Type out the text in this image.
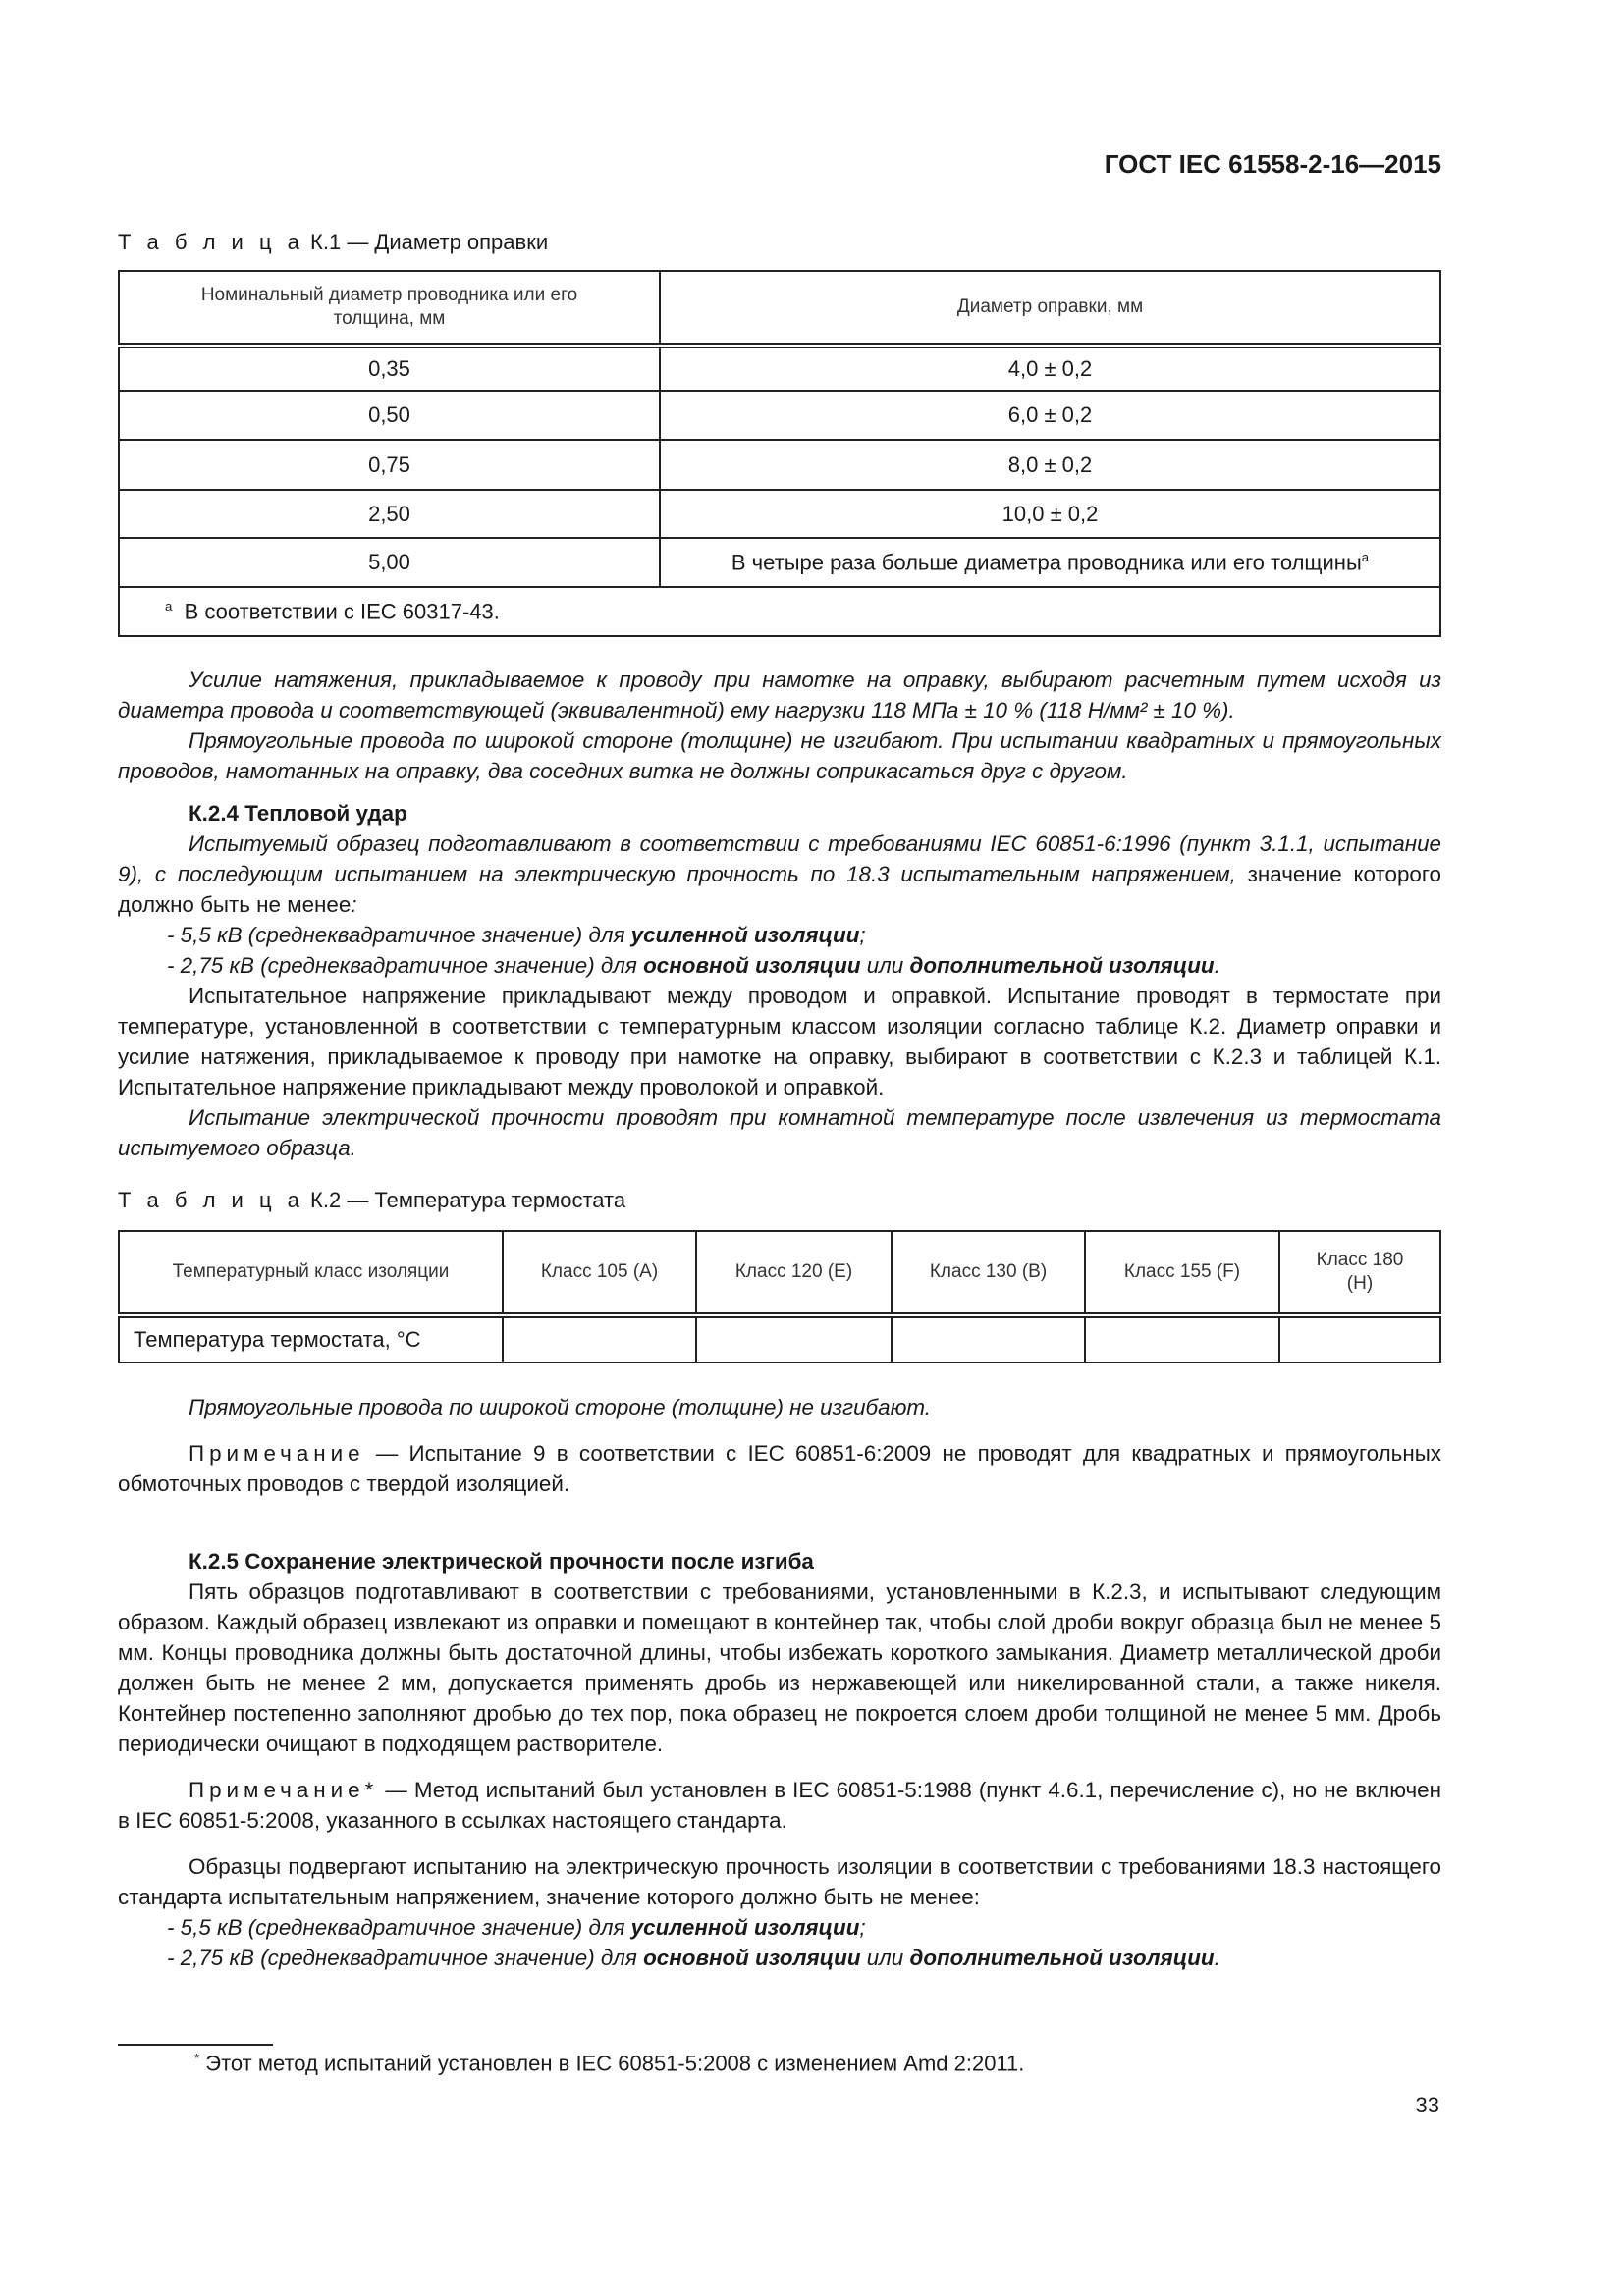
ГОСТ IEC 61558-2-16—2015
Т а б л и ц а К.1 — Диаметр оправки
Номинальный диаметр проводника или его толщина, мм	Диаметр оправки, мм
0,35	4,0 ± 0,2
0,50	6,0 ± 0,2
0,75	8,0 ± 0,2
2,50	10,0 ± 0,2
5,00	В четыре раза больше диаметра проводника или его толщины$^a$
$^a$ В соответствии с IEC 60317-43.	

Усилие натяжения, прикладываемое к проводу при намотке на оправку, выбирают расчетным путем исходя из диаметра провода и соответствующей (эквивалентной) ему нагрузки 118 МПа ± 10 % (118 Н/мм² ± 10 %).

Прямоугольные провода по широкой стороне (толщине) не изгибают. При испытании квадратных и прямоугольных проводов, намотанных на оправку, два соседних витка не должны соприкасаться друг с другом.

К.2.4 Тепловой удар

Испытуемый образец подготавливают в соответствии с требованиями IEC 60851-6:1996 (пункт 3.1.1, испытание 9), с последующим испытанием на электрическую прочность по 18.3 испытательным напряжением, значение которого должно быть не менее:

- 5,5 кВ (среднеквадратичное значение) для усиленной изоляции;

- 2,75 кВ (среднеквадратичное значение) для основной изоляции или дополнительной изоляции.

Испытательное напряжение прикладывают между проводом и оправкой. Испытание проводят в термостате при температуре, установленной в соответствии с температурным классом изоляции согласно таблице К.2. Диаметр оправки и усилие натяжения, прикладываемое к проводу при намотке на оправку, выбирают в соответствии с К.2.3 и таблицей К.1. Испытательное напряжение прикладывают между проволокой и оправкой.

Испытание электрической прочности проводят при комнатной температуре после извлечения из термостата испытуемого образца.

Т а б л и ц а К.2 — Температура термостата
Температурный класс изоляции	Класс 105 (A)	Класс 120 (E)	Класс 130 (B)	Класс 155 (F)	Класс 180 (H)
Температура термостата, °C					

Прямоугольные провода по широкой стороне (толщине) не изгибают.

Примечание — Испытание 9 в соответствии с IEC 60851-6:2009 не проводят для квадратных и прямоугольных обмоточных проводов с твердой изоляцией.

К.2.5 Сохранение электрической прочности после изгиба

Пять образцов подготавливают в соответствии с требованиями, установленными в К.2.3, и испытывают следующим образом. Каждый образец извлекают из оправки и помещают в контейнер так, чтобы слой дроби вокруг образца был не менее 5 мм. Концы проводника должны быть достаточной длины, чтобы избежать короткого замыкания. Диаметр металлической дроби должен быть не менее 2 мм, допускается применять дробь из нержавеющей или никелированной стали, а также никеля. Контейнер постепенно заполняют дробью до тех пор, пока образец не покроется слоем дроби толщиной не менее 5 мм. Дробь периодически очищают в подходящем растворителе.

Примечание* — Метод испытаний был установлен в IEC 60851-5:1988 (пункт 4.6.1, перечисление с), но не включен в IEC 60851-5:2008, указанного в ссылках настоящего стандарта.

Образцы подвергают испытанию на электрическую прочность изоляции в соответствии с требованиями 18.3 настоящего стандарта испытательным напряжением, значение которого должно быть не менее:

- 5,5 кВ (среднеквадратичное значение) для усиленной изоляции;

- 2,75 кВ (среднеквадратичное значение) для основной изоляции или дополнительной изоляции.

* Этот метод испытаний установлен в IEC 60851-5:2008 с изменением Amd 2:2011.
33
